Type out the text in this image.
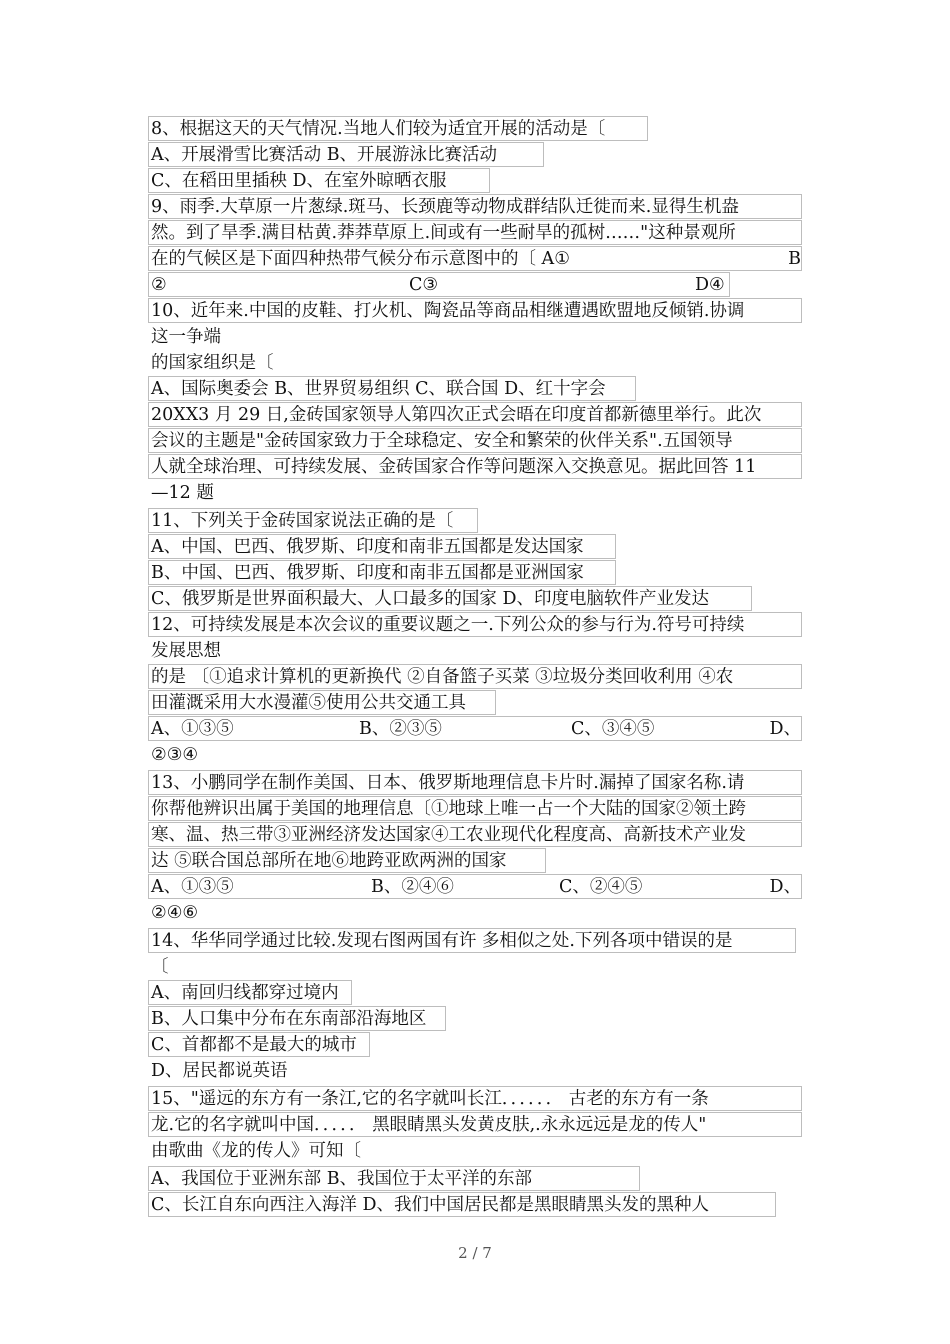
8、根据这天的天气情况.当地人们较为适宜开展的活动是〔
A、开展滑雪比赛活动 B、开展游泳比赛活动
C、在稻田里插秧 D、在室外晾晒衣服
9、雨季.大草原一片葱绿.斑马、长颈鹿等动物成群结队迁徙而来.显得生机盎
然。到了旱季.满目枯黄.莽莽草原上.间或有一些耐旱的孤树……"这种景观所
在的气候区是下面四种热带气候分布示意图中的〔 A①	B
②	C③	D④
10、近年来.中国的皮鞋、打火机、陶瓷品等商品相继遭遇欧盟地反倾销.协调
这一争端
的国家组织是〔
A、国际奥委会 B、世界贸易组织 C、联合国 D、红十字会
20XX3 月 29 日,金砖国家领导人第四次正式会晤在印度首都新德里举行。此次
会议的主题是"金砖国家致力于全球稳定、安全和繁荣的伙伴关系".五国领导
人就全球治理、可持续发展、金砖国家合作等问题深入交换意见。据此回答 11
—12 题
11、下列关于金砖国家说法正确的是〔
A、中国、巴西、俄罗斯、印度和南非五国都是发达国家
B、中国、巴西、俄罗斯、印度和南非五国都是亚洲国家
C、俄罗斯是世界面积最大、人口最多的国家 D、印度电脑软件产业发达
12、可持续发展是本次会议的重要议题之一.下列公众的参与行为.符号可持续
发展思想
的是 〔①追求计算机的更新换代 ②自备篮子买菜 ③垃圾分类回收利用 ④农
田灌溉采用大水漫灌⑤使用公共交通工具
A、①③⑤	B、②③⑤	C、③④⑤	D、
②③④
13、小鹏同学在制作美国、日本、俄罗斯地理信息卡片时.漏掉了国家名称.请
你帮他辨识出属于美国的地理信息〔①地球上唯一占一个大陆的国家②领土跨
寒、温、热三带③亚洲经济发达国家④工农业现代化程度高、高新技术产业发
达 ⑤联合国总部所在地⑥地跨亚欧两洲的国家
A、①③⑤	B、②④⑥	C、②④⑤	D、
②④⑥
14、华华同学通过比较.发现右图两国有许 多相似之处.下列各项中错误的是
〔
A、南回归线都穿过境内
B、人口集中分布在东南部沿海地区
C、首都都不是最大的城市
D、居民都说英语
15、"遥远的东方有一条江,它的名字就叫长江．．．．．． 古老的东方有一条
龙.它的名字就叫中国．．．．． 黑眼睛黑头发黄皮肤,.永永远远是龙的传人"
由歌曲《龙的传人》可知〔
A、我国位于亚洲东部 B、我国位于太平洋的东部
C、长江自东向西注入海洋 D、我们中国居民都是黑眼睛黑头发的黑种人
2 / 7
